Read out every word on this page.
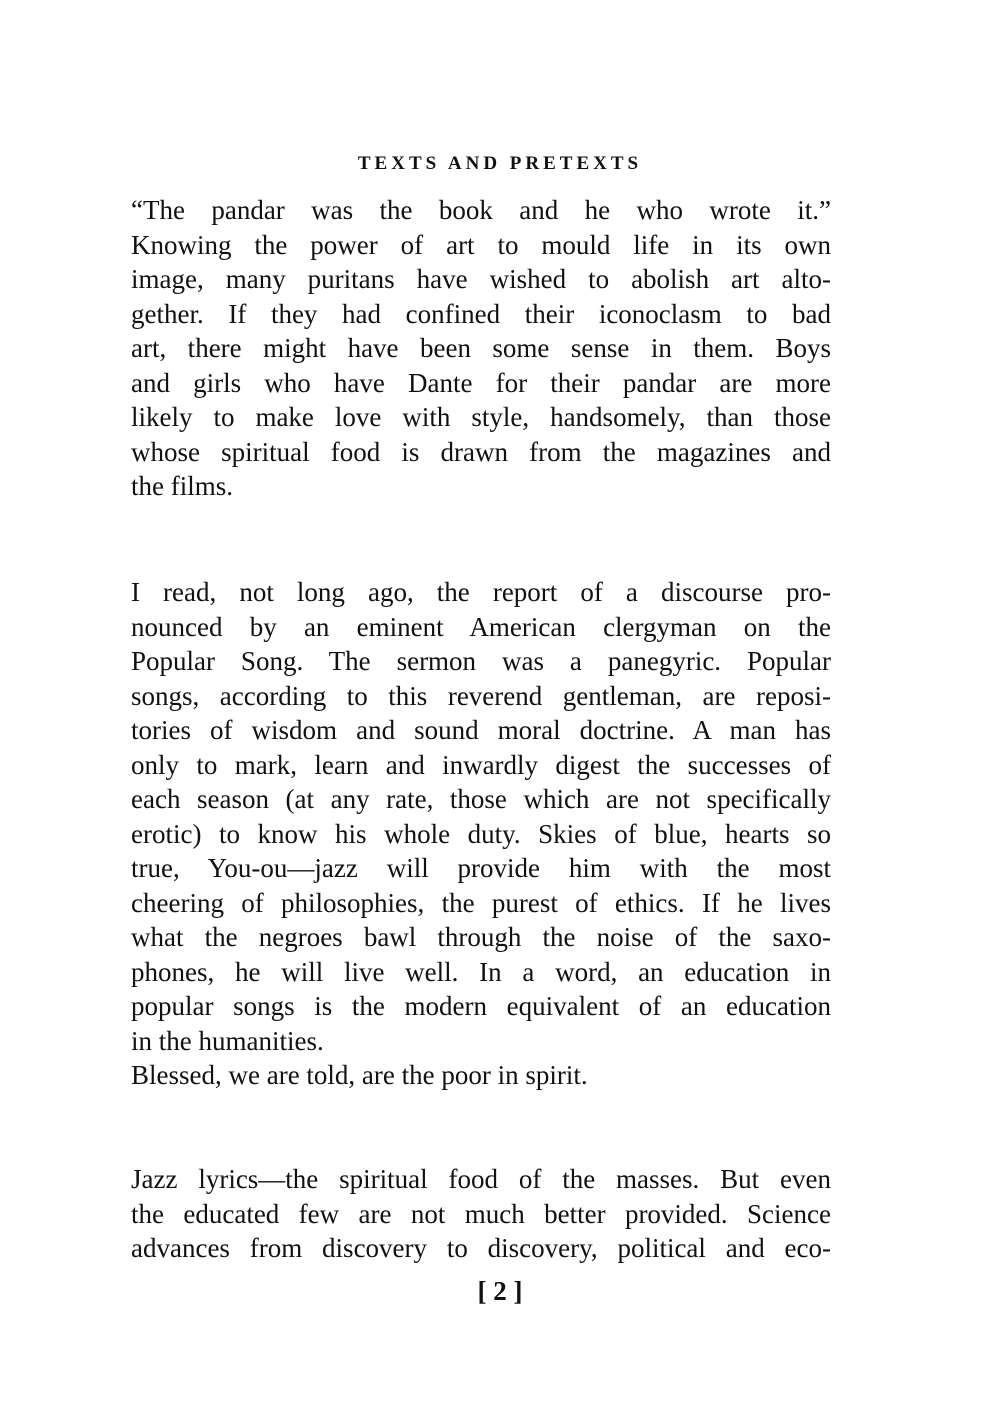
TEXTS AND PRETEXTS
“The pandar was the book and he who wrote it.”
Knowing the power of art to mould life in its own
image, many puritans have wished to abolish art alto-
gether. If they had confined their iconoclasm to bad
art, there might have been some sense in them. Boys
and girls who have Dante for their pandar are more
likely to make love with style, handsomely, than those
whose spiritual food is drawn from the magazines and
the films.
I read, not long ago, the report of a discourse pro-
nounced by an eminent American clergyman on the
Popular Song. The sermon was a panegyric. Popular
songs, according to this reverend gentleman, are reposi-
tories of wisdom and sound moral doctrine. A man has
only to mark, learn and inwardly digest the successes of
each season (at any rate, those which are not specifically
erotic) to know his whole duty. Skies of blue, hearts so
true, You-ou—jazz will provide him with the most
cheering of philosophies, the purest of ethics. If he lives
what the negroes bawl through the noise of the saxo-
phones, he will live well. In a word, an education in
popular songs is the modern equivalent of an education
in the humanities.
Blessed, we are told, are the poor in spirit.
Jazz lyrics—the spiritual food of the masses. But even
the educated few are not much better provided. Science
advances from discovery to discovery, political and eco-
[ 2 ]
